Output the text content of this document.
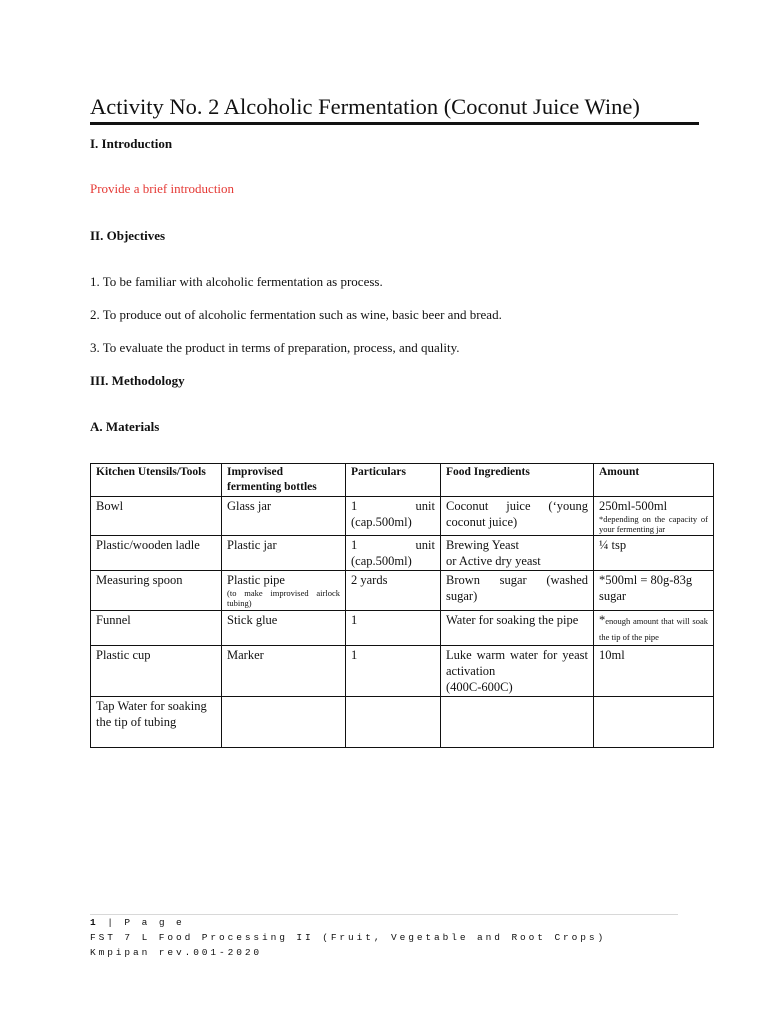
Activity No. 2 Alcoholic Fermentation (Coconut Juice Wine)
I. Introduction
Provide a brief introduction
II. Objectives
1. To be familiar with alcoholic fermentation as process.
2. To produce out of alcoholic fermentation such as wine, basic beer and bread.
3. To evaluate the product in terms of preparation, process, and quality.
III. Methodology
A. Materials
Kitchen Utensils/Tools	Improvised fermenting bottles	Particulars	Food Ingredients	Amount
Bowl	Glass jar	1 unit (cap.500ml)	Coconut juice (‘young coconut juice)	250ml-500ml
*depending on the capacity of your fermenting jar

Plastic/wooden ladle	Plastic jar	1 unit (cap.500ml)	Brewing Yeast
or Active dry yeast	¼ tsp
Measuring spoon	Plastic pipe
(to make improvised airlock tubing)	2 yards	Brown sugar (washed sugar)	*500ml = 80g-83g sugar
Funnel	Stick glue	1	Water for soaking the pipe	*enough amount that will soak the tip of the pipe
Plastic cup	Marker	1	Luke warm water for yeast activation
(400C-600C)	10ml
Tap Water for soaking the tip of tubing				
1 | P a g e
FST 7 L Food Processing II (Fruit, Vegetable and Root Crops)
Kmpipan rev.001-2020
